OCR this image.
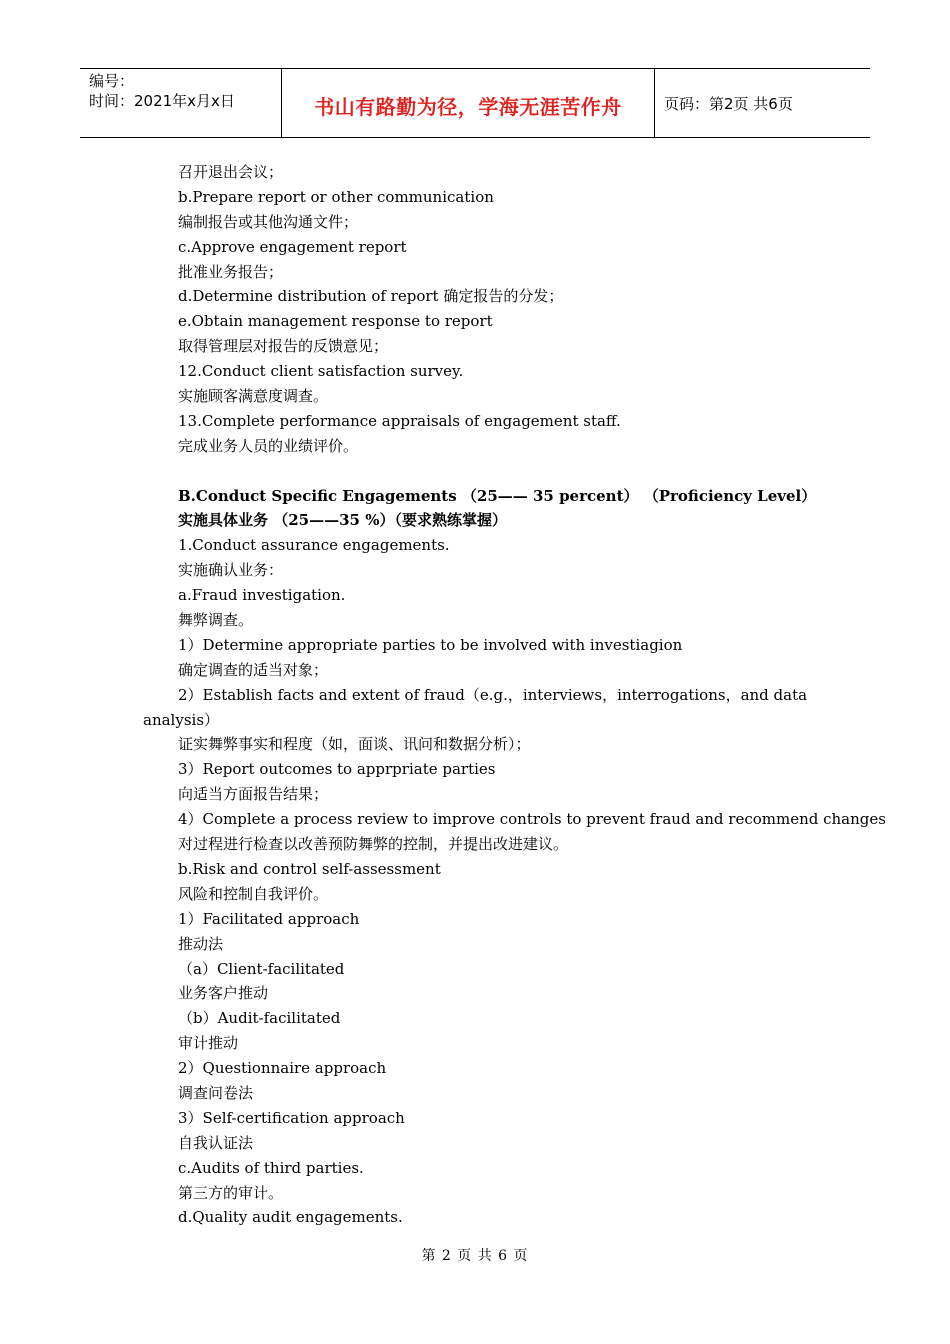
编号：
时间：2021年x月x日	书山有路勤为径，学海无涯苦作舟	页码：第2页 共6页
召开退出会议；
b.Prepare report or other communication
编制报告或其他沟通文件；
c.Approve engagement report
批准业务报告；
d.Determine distribution of report 确定报告的分发；
e.Obtain management response to report
取得管理层对报告的反馈意见；
12.Conduct client satisfaction survey.
实施顾客满意度调查。
13.Complete performance appraisals of engagement staff.
完成业务人员的业绩评价。
B.Conduct Specific Engagements （25—— 35 percent） （Proficiency Level）
实施具体业务 （25——35 %）（要求熟练掌握）
1.Conduct assurance engagements.
实施确认业务：
a.Fraud investigation.
舞弊调查。
1）Determine appropriate parties to be involved with investiagion
确定调查的适当对象；
2）Establish facts and extent of fraud （e.g.， interviews， interrogations， and data
analysis）
证实舞弊事实和程度（如，面谈、讯问和数据分析）；
3）Report outcomes to apprpriate parties
向适当方面报告结果；
4）Complete a process review to improve controls to prevent fraud and recommend changes
对过程进行检查以改善预防舞弊的控制，并提出改进建议。
b.Risk and control self-assessment
风险和控制自我评价。
1）Facilitated approach
推动法
（a）Client-facilitated
业务客户推动
（b）Audit-facilitated
审计推动
2）Questionnaire approach
调查问卷法
3）Self-certification approach
自我认证法
c.Audits of third parties.
第三方的审计。
d.Quality audit engagements.
第 2 页 共 6 页
